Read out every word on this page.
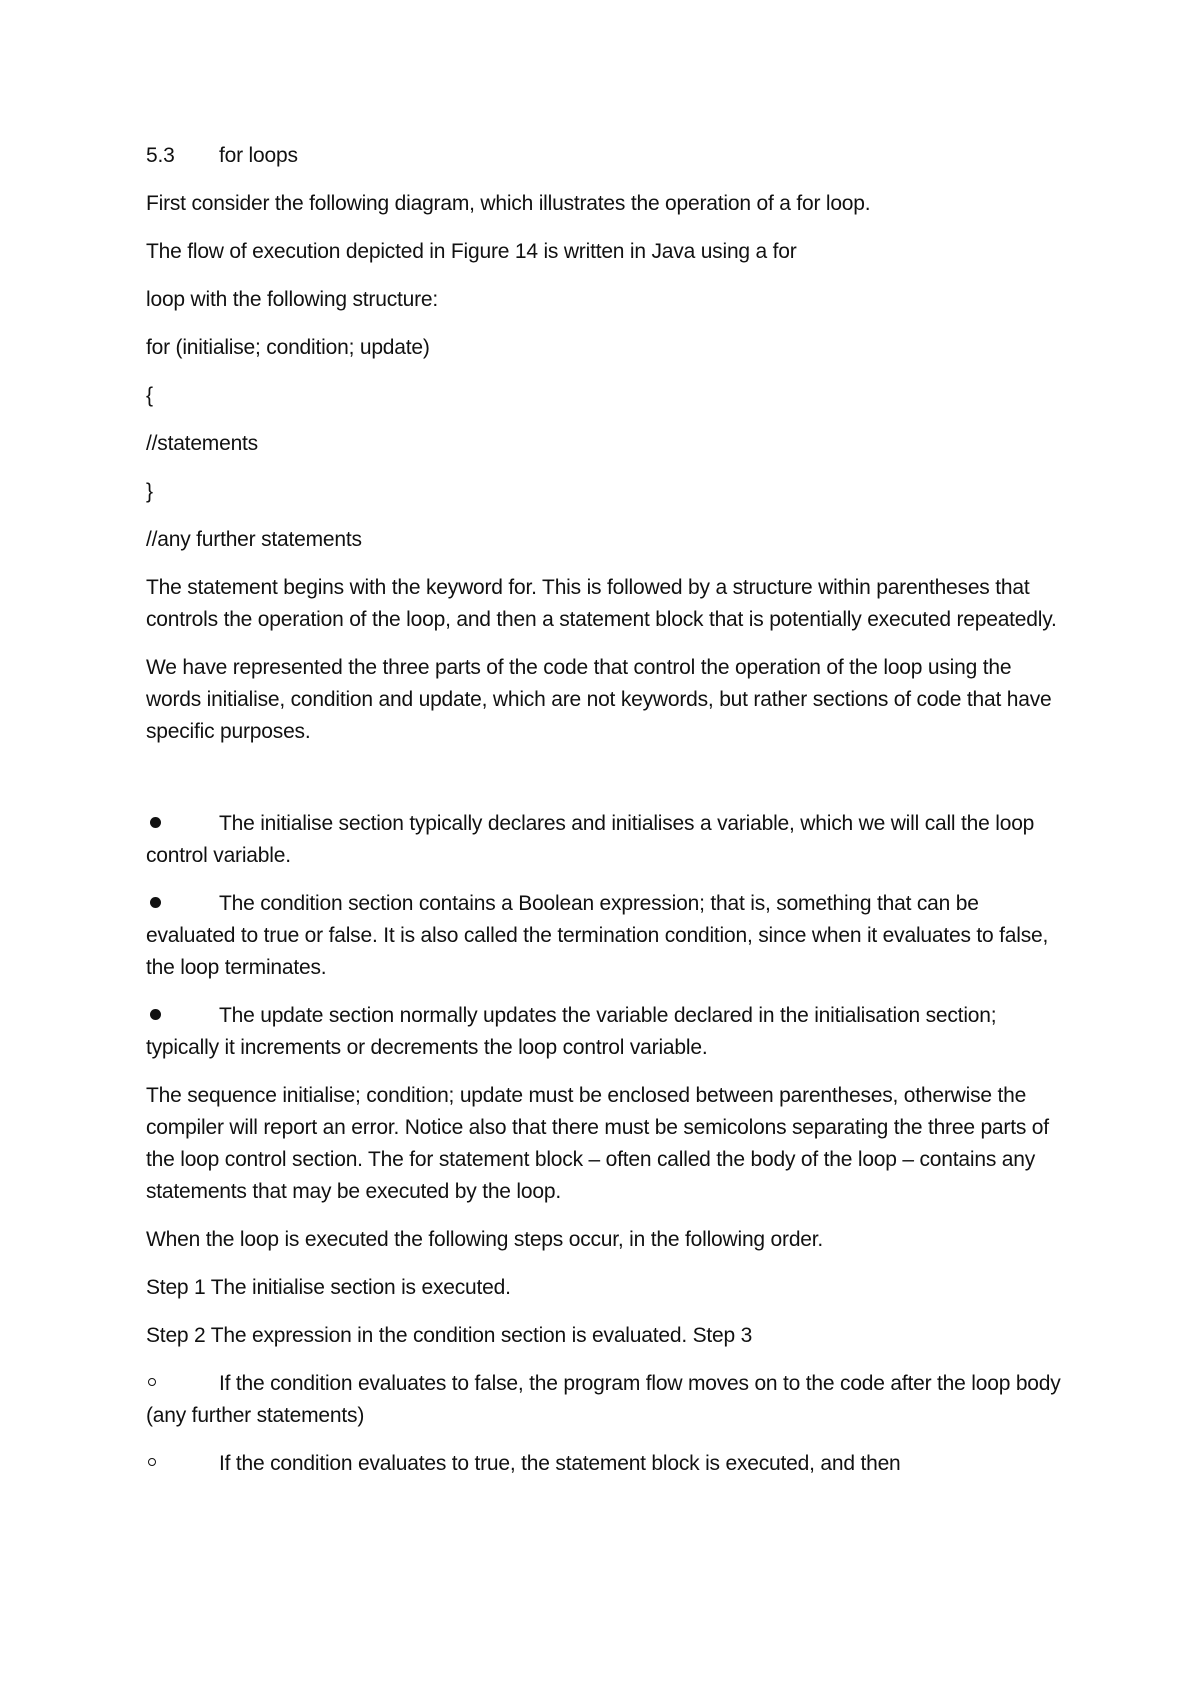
5.3	for loops

First consider the following diagram, which illustrates the operation of a for loop.

The flow of execution depicted in Figure 14 is written in Java using a for

loop with the following structure:

for (initialise; condition; update)

{

//statements

}

//any further statements

The statement begins with the keyword for. This is followed by a structure within parentheses that controls the operation of the loop, and then a statement block that is potentially executed repeatedly.

We have represented the three parts of the code that control the operation of the loop using the words initialise, condition and update, which are not keywords, but rather sections of code that have specific purposes.

The initialise section typically declares and initialises a variable, which we will call the loop control variable.
The condition section contains a Boolean expression; that is, something that can be evaluated to true or false. It is also called the termination condition, since when it evaluates to false, the loop terminates.
The update section normally updates the variable declared in the initialisation section; typically it increments or decrements the loop control variable.

The sequence initialise; condition; update must be enclosed between parentheses, otherwise the compiler will report an error. Notice also that there must be semicolons separating the three parts of the loop control section. The for statement block – often called the body of the loop – contains any statements that may be executed by the loop.

When the loop is executed the following steps occur, in the following order.

Step 1 The initialise section is executed.

Step 2 The expression in the condition section is evaluated. Step 3

If the condition evaluates to false, the program flow moves on to the code after the loop body (any further statements)
If the condition evaluates to true, the statement block is executed, and then
